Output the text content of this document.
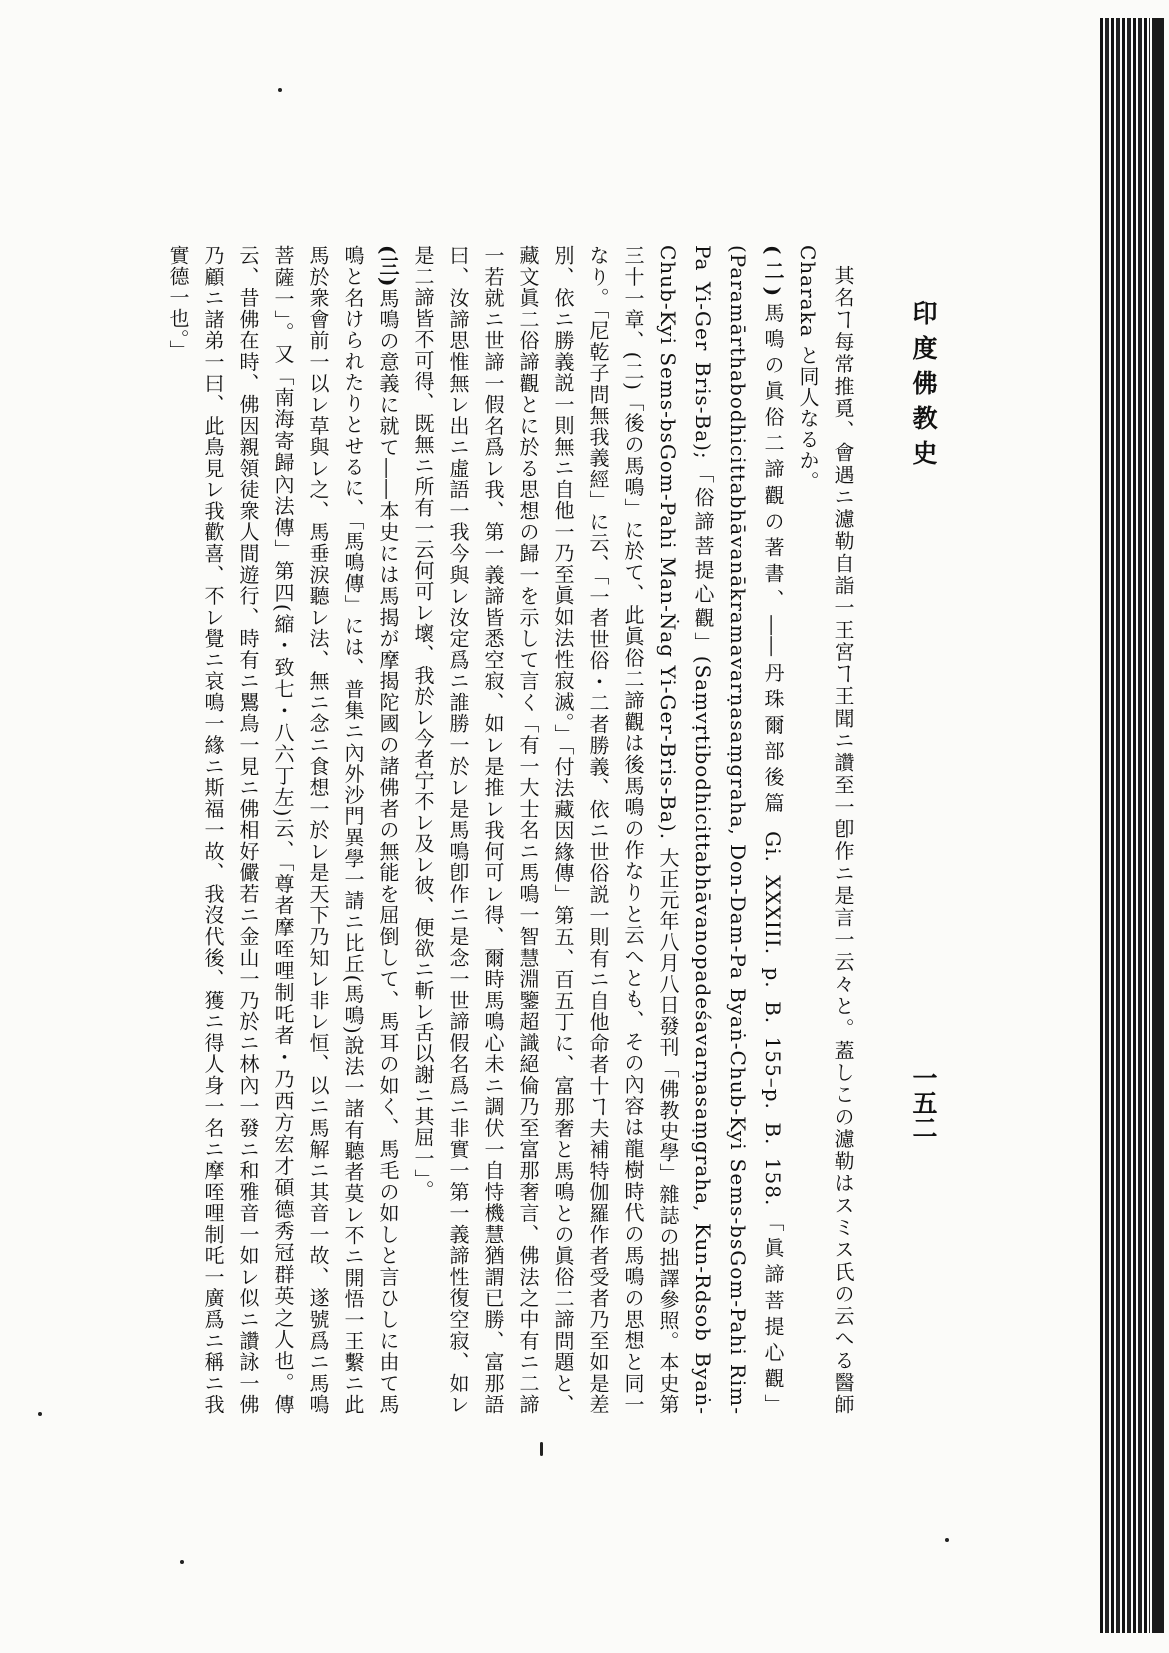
印度佛教史
一五二

其名ヿ每常推覓、會遇ニ濾勒自詣一王宮ヿ王聞ニ讚至一卽作ニ是言一云々と。蓋しこの濾勒はスミス氏の云へる醫師 Charaka と同人なるか。

(二)馬鳴の眞俗二諦觀の著書、――丹珠爾部後篇 Gi. XXXIII. p. B. 155–p. B. 158.「眞諦菩提心觀」(Paramārthabodhicittabhāvanākramavarṇasaṃgraha, Don-Dam-Pa Byaṅ-Chub-Kyi Sems-bsGom-Pahi Rim-Pa Yi-Ger Bris-Ba);「俗諦菩提心觀」(Saṃvṛtibodhicittabhāvanopadeśavarṇasaṃgraha, Kun-Rdsob Byaṅ-Chub-Kyi Sems-bsGom-Pahi Man-Ṅag Yi-Ger-Bris-Ba). 大正元年八月八日發刊「佛教史學」雜誌の拙譯參照。本史第三十一章、(二)「後の馬鳴」に於て、此眞俗二諦觀は後馬鳴の作なりと云へとも、その內容は龍樹時代の馬鳴の思想と同一なり。「尼乾子問無我義經」に云、「一者世俗・二者勝義、依ニ世俗説一則有ニ自他命者十ヿ夫補特伽羅作者受者乃至如是差別、依ニ勝義説一則無ニ自他一乃至眞如法性寂滅。」「付法藏因緣傳」第五、百五丁に、富那奢と馬鳴との眞俗二諦問題と、藏文眞二俗諦觀とに於る思想の歸一を示して言く「有一大士名ニ馬鳴一智慧淵鑒超識絕倫乃至富那奢言、佛法之中有ニ二諦一若就ニ世諦一假名爲レ我、第一義諦皆悉空寂、如レ是推レ我何可レ得、爾時馬鳴心未ニ調伏一自恃機慧猶謂已勝、富那語曰、汝諦思惟無レ出ニ虛語一我今與レ汝定爲ニ誰勝一於レ是馬鳴卽作ニ是念一世諦假名爲ニ非實一第一義諦性復空寂、如レ是二諦皆不可得、既無ニ所有一云何可レ壞、我於レ今者宁不レ及レ彼、便欲ニ斬レ舌以謝ニ其屈一」。

(三)馬鳴の意義に就て――本史には馬揭が摩揭陀國の諸佛者の無能を屈倒して、馬耳の如く、馬毛の如しと言ひしに由て馬鳴と名けられたりとせるに、「馬鳴傳」には、普集ニ內外沙門異學一請ニ比丘(馬鳴)說法一諸有聽者莫レ不ニ開悟一王繫ニ此馬於衆會前一以レ草與レ之、馬垂淚聽レ法、無ニ念ニ食想一於レ是天下乃知レ非レ恒、以ニ馬解ニ其音一故、遂號爲ニ馬鳴菩薩一」。又「南海寄歸內法傳」第四(縮・致七・八六丁左)云、「尊者摩咥哩制吒者・乃西方宏才碩德秀冠群英之人也。傳云、昔佛在時、佛因親領徒衆人間遊行、時有ニ鸎鳥一見ニ佛相好儼若ニ金山一乃於ニ林內一發ニ和雅音一如レ似ニ讚詠一佛乃顧ニ諸弟一曰、此鳥見レ我歡喜、不レ覺ニ哀鳴一緣ニ斯福一故、我沒代後、獲ニ得人身一名ニ摩咥哩制吒一廣爲ニ稱ニ我實德一也。」
